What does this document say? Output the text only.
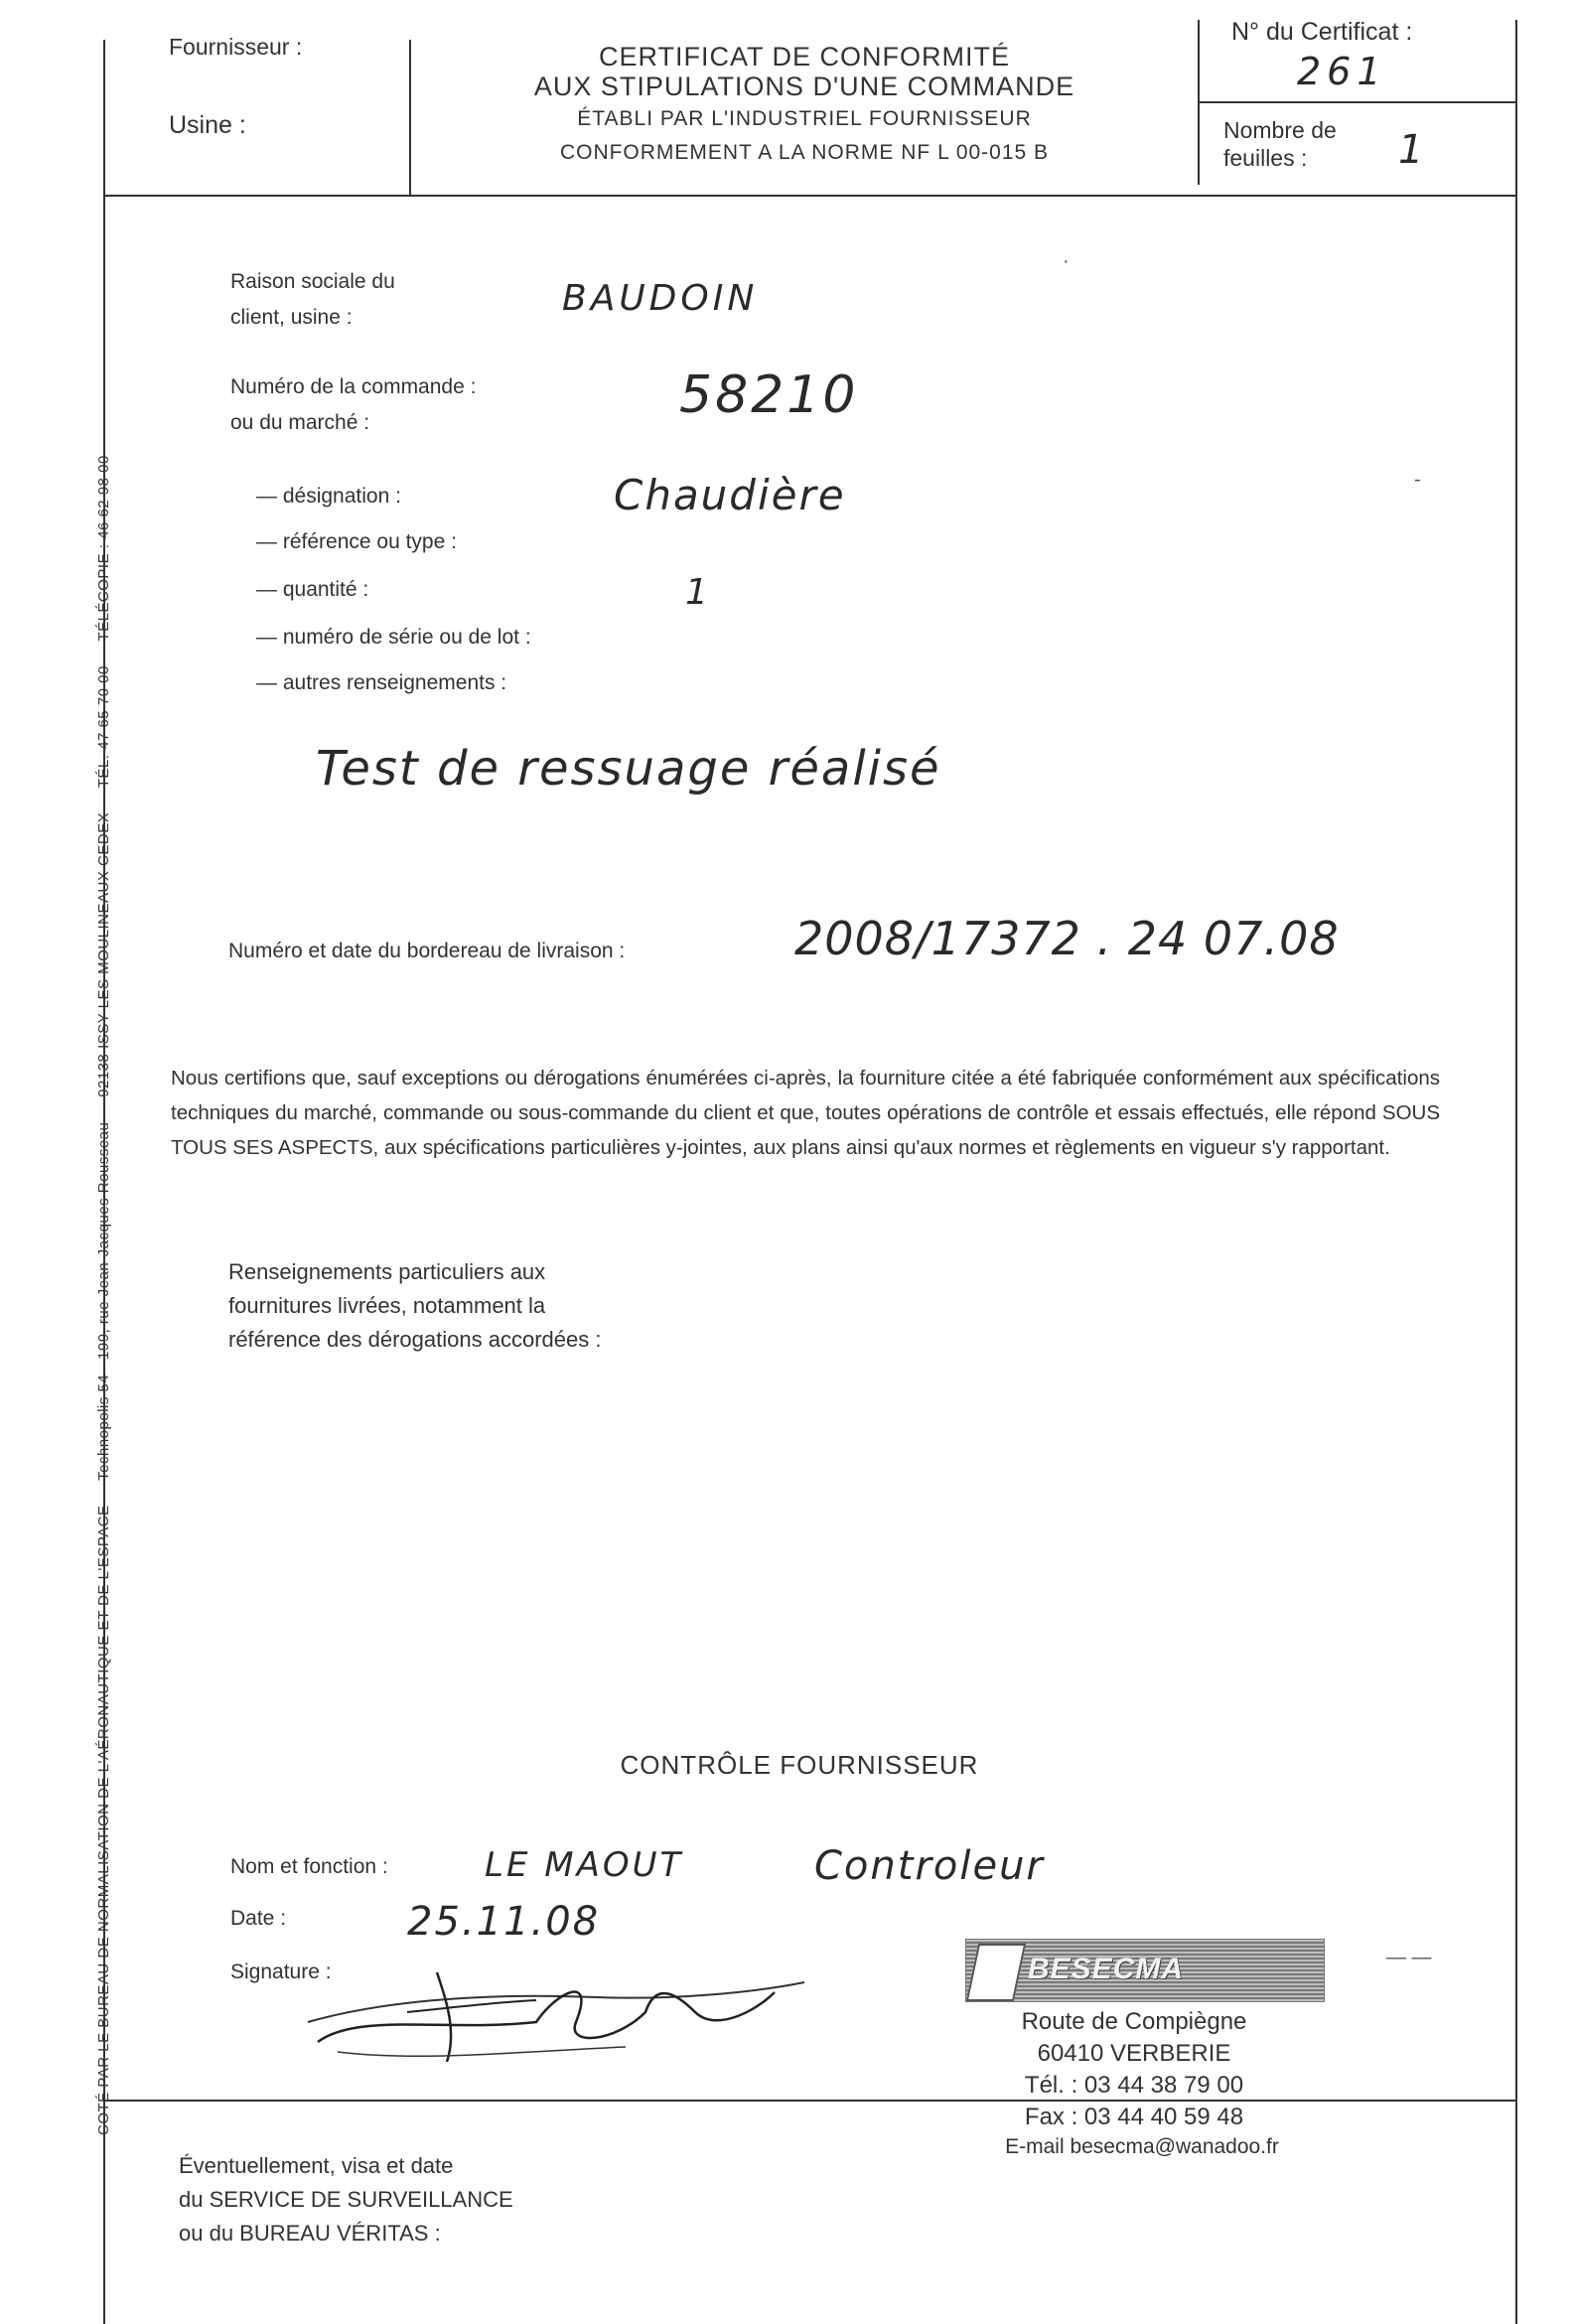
COTÉ PAR LE BUREAU DE NORMALISATION DE L'AÉRONAUTIQUE ET DE L'ESPACE — Technopolis 54 - 199, rue Jean-Jacques Rousseau — 92138 ISSY LES MOULINEAUX CEDEX — TÉL. 47 65 70 00 — TÉLÉCOPIE : 46 62 98 00
Fournisseur :
Usine :
CERTIFICAT DE CONFORMITÉ
AUX STIPULATIONS D'UNE COMMANDE
ÉTABLI PAR L'INDUSTRIEL FOURNISSEUR
CONFORMEMENT A LA NORME NF L 00-015 B
N° du Certificat :
261
Nombre de
feuilles : 1
Raison sociale du
client, usine :	BAUDOIN
Numéro de la commande :
ou du marché :	58210
— désignation :	Chaudière
— référence ou type :
— quantité :	1
— numéro de série ou de lot :
— autres renseignements :
Test de ressuage réalisé
Numéro et date du bordereau de livraison :	2008/17372 . 24 07.08
Nous certifions que, sauf exceptions ou dérogations énumérées ci-après, la fourniture citée a été fabriquée conformément aux spécifications techniques du marché, commande ou sous-commande du client et que, toutes opérations de contrôle et essais effectués, elle répond SOUS TOUS SES ASPECTS, aux spécifications particulières y-jointes, aux plans ainsi qu'aux normes et règlements en vigueur s'y rapportant.
Renseignements particuliers aux
fournitures livrées, notamment la
référence des dérogations accordées :
CONTRÔLE FOURNISSEUR
Nom et fonction :	LE MAOUT	Controleur
Date :	25.11.08
Signature :	BESECMA
Route de Compiègne
60410 VERBERIE
Tél. : 03 44 38 79 00
Fax : 03 44 40 59 48
E-mail besecma@wanadoo.fr
Éventuellement, visa et date
du SERVICE DE SURVEILLANCE
ou du BUREAU VÉRITAS :
-
·
— —
